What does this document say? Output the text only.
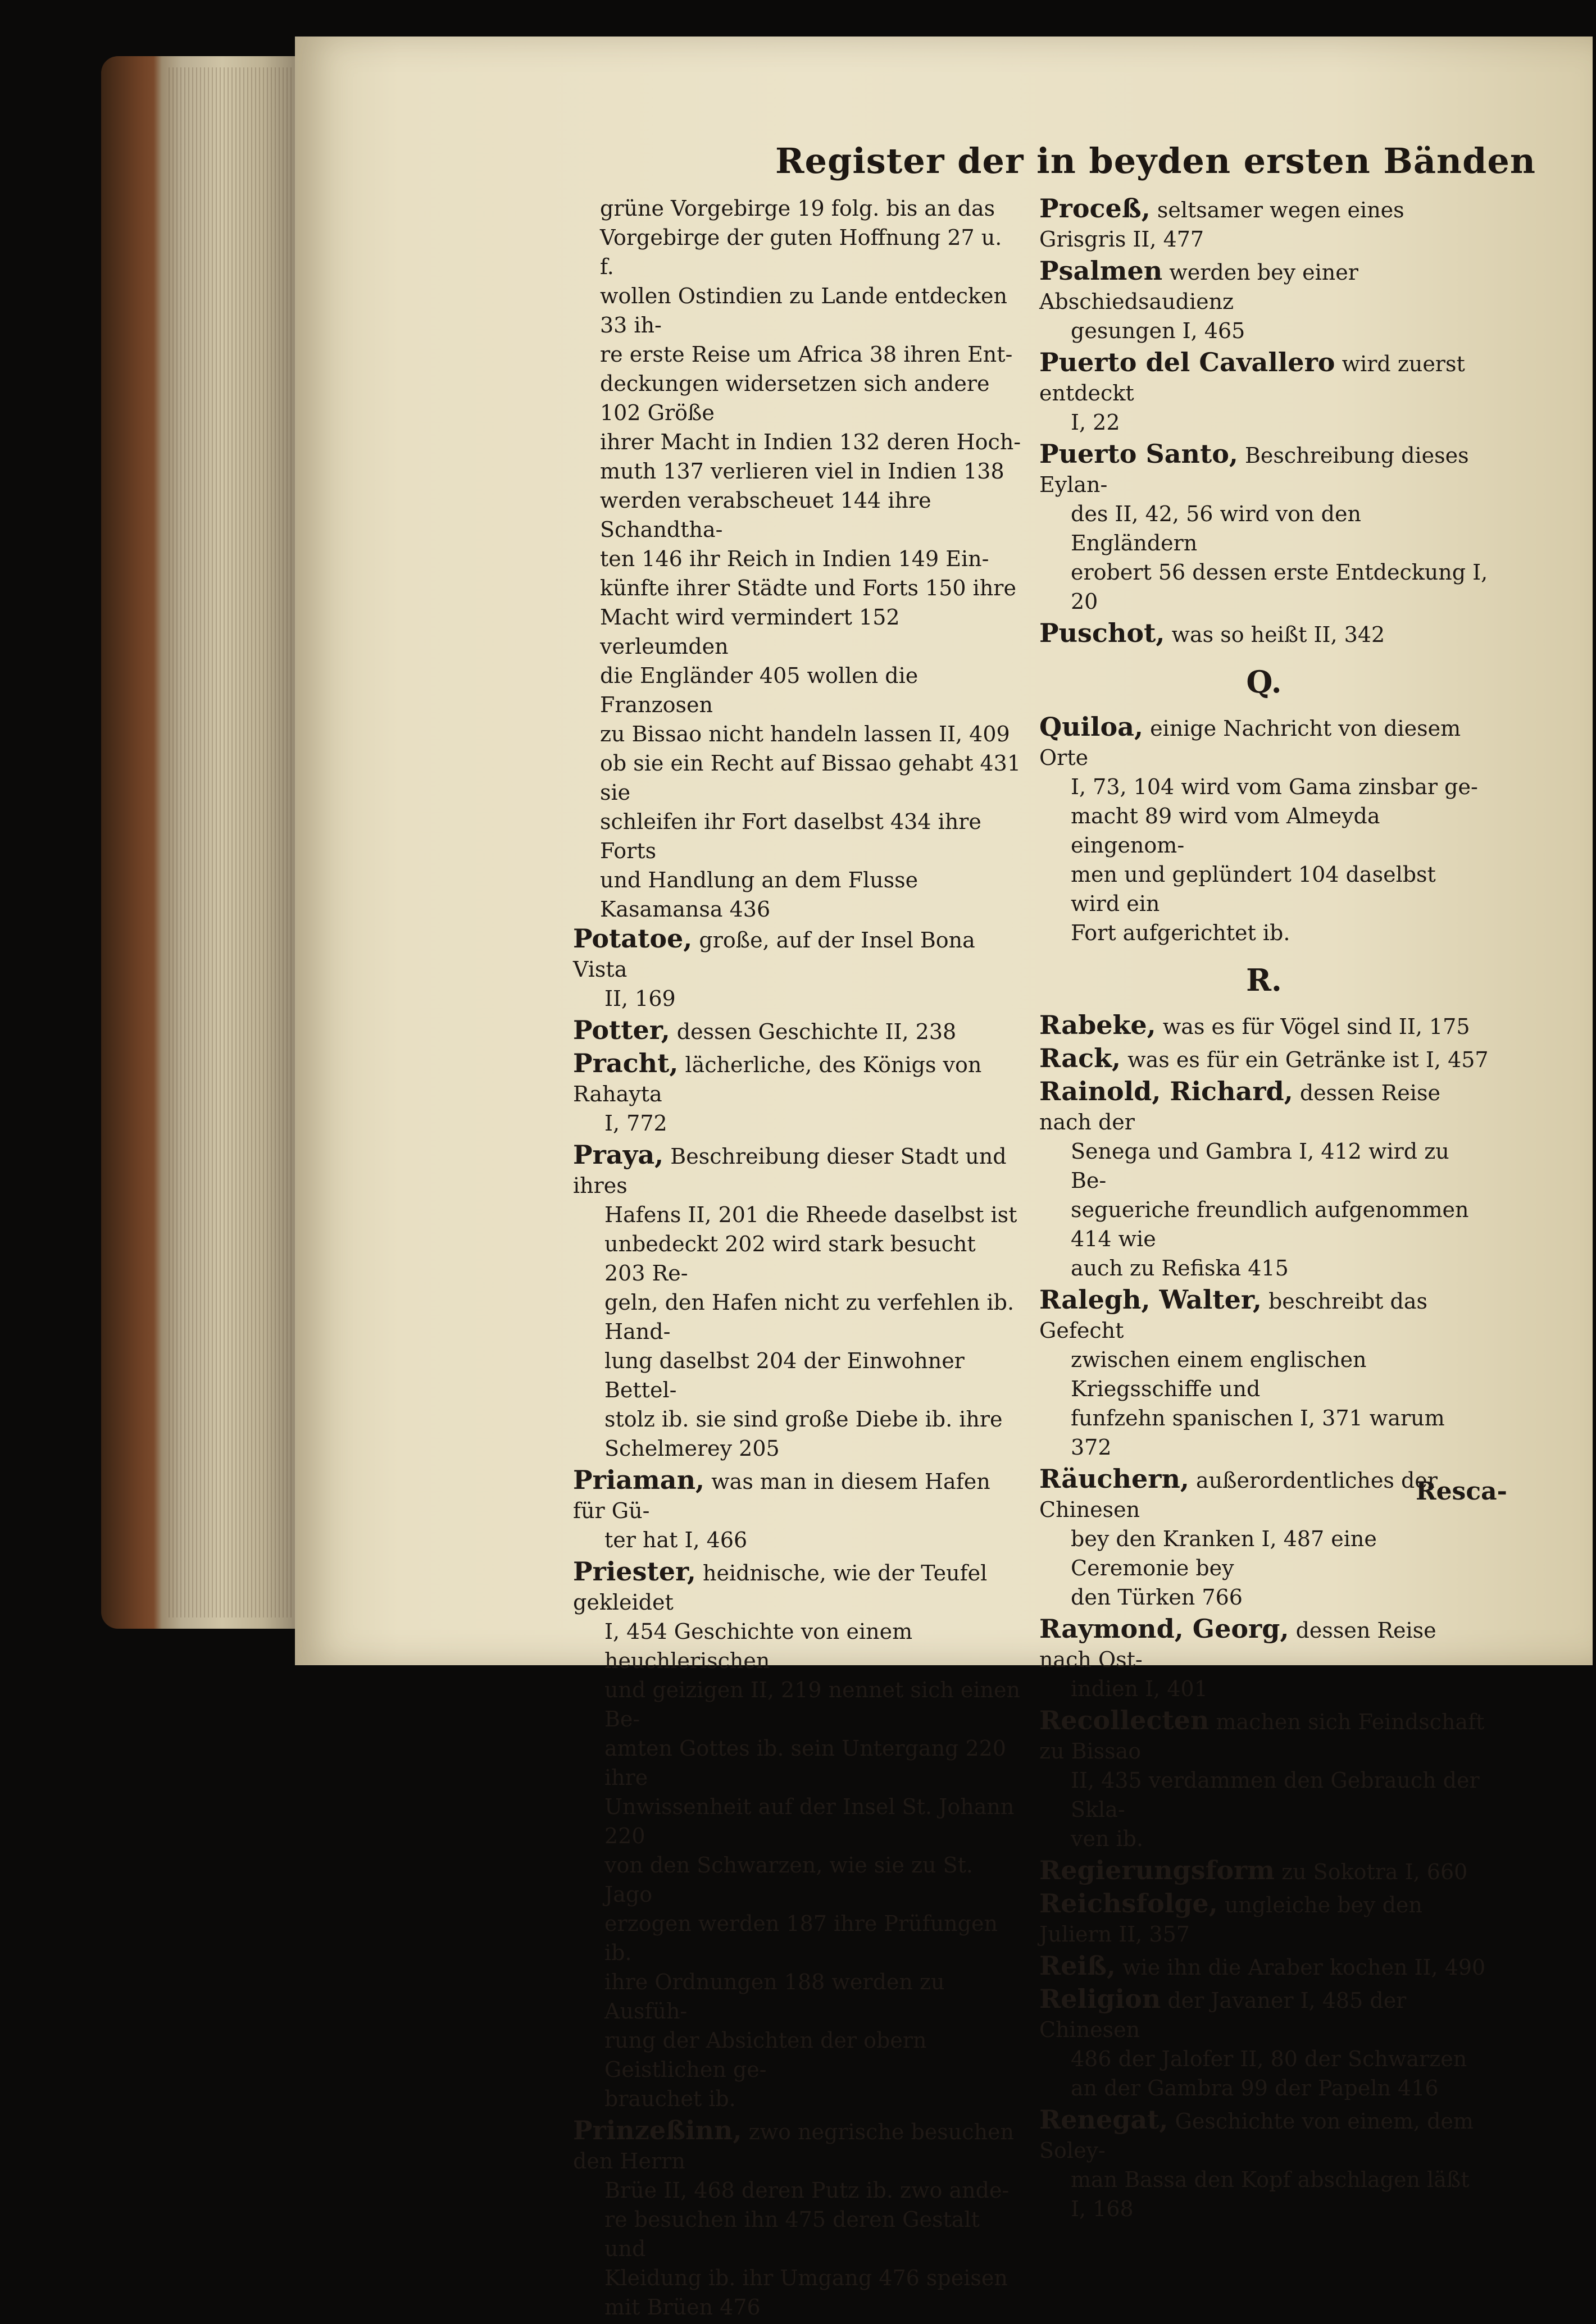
Register der in beyden ersten Bänden
grüne Vorgebirge 19 folg. bis an das
Vorgebirge der guten Hoffnung 27 u. f.
wollen Ostindien zu Lande entdecken 33 ih-
re erste Reise um Africa 38 ihren Ent-
deckungen widersetzen sich andere 102 Größe
ihrer Macht in Indien 132 deren Hoch-
muth 137 verlieren viel in Indien 138
werden verabscheuet 144 ihre Schandtha-
ten 146 ihr Reich in Indien 149 Ein-
künfte ihrer Städte und Forts 150 ihre
Macht wird vermindert 152 verleumden
die Engländer 405 wollen die Franzosen
zu Bissao nicht handeln lassen II, 409
ob sie ein Recht auf Bissao gehabt 431 sie
schleifen ihr Fort daselbst 434 ihre Forts
und Handlung an dem Flusse Kasamansa 436
Potatoe, große, auf der Insel Bona Vista
II, 169
Potter, dessen Geschichte II, 238
Pracht, lächerliche, des Königs von Rahayta
I, 772
Praya, Beschreibung dieser Stadt und ihres
Hafens II, 201 die Rheede daselbst ist
unbedeckt 202 wird stark besucht 203 Re-
geln, den Hafen nicht zu verfehlen ib. Hand-
lung daselbst 204 der Einwohner Bettel-
stolz ib. sie sind große Diebe ib. ihre
Schelmerey 205
Priaman, was man in diesem Hafen für Gü-
ter hat I, 466
Priester, heidnische, wie der Teufel gekleidet
I, 454 Geschichte von einem heuchlerischen
und geizigen II, 219 nennet sich einen Be-
amten Gottes ib. sein Untergang 220 ihre
Unwissenheit auf der Insel St. Johann 220
von den Schwarzen, wie sie zu St. Jago
erzogen werden 187 ihre Prüfungen ib.
ihre Ordnungen 188 werden zu Ausfüh-
rung der Absichten der obern Geistlichen ge-
brauchet ib.
Prinzeßinn, zwo negrische besuchen den Herrn
Brüe II, 468 deren Putz ib. zwo ande-
re besuchen ihn 475 deren Gestalt und
Kleidung ib. ihr Umgang 476 speisen
mit Brüen 476
Proceß, seltsamer wegen eines Grisgris II, 477
Psalmen werden bey einer Abschiedsaudienz
gesungen I, 465
Puerto del Cavallero wird zuerst entdeckt
I, 22
Puerto Santo, Beschreibung dieses Eylan-
des II, 42, 56 wird von den Engländern
erobert 56 dessen erste Entdeckung I, 20
Puschot, was so heißt II, 342
Q.
Quiloa, einige Nachricht von diesem Orte
I, 73, 104 wird vom Gama zinsbar ge-
macht 89 wird vom Almeyda eingenom-
men und geplündert 104 daselbst wird ein
Fort aufgerichtet ib.
R.
Rabeke, was es für Vögel sind II, 175
Rack, was es für ein Getränke ist I, 457
Rainold, Richard, dessen Reise nach der
Senega und Gambra I, 412 wird zu Be-
segueriche freundlich aufgenommen 414 wie
auch zu Refiska 415
Ralegh, Walter, beschreibt das Gefecht
zwischen einem englischen Kriegsschiffe und
funfzehn spanischen I, 371 warum 372
Räuchern, außerordentliches der Chinesen
bey den Kranken I, 487 eine Ceremonie bey
den Türken 766
Raymond, Georg, dessen Reise nach Ost-
indien I, 401
Recollecten machen sich Feindschaft zu Bissao
II, 435 verdammen den Gebrauch der Skla-
ven ib.
Regierungsform zu Sokotra I, 660
Reichsfolge, ungleiche bey den Juliern II, 357
Reiß, wie ihn die Araber kochen II, 490
Religion der Javaner I, 485 der Chinesen
486 der Jalofer II, 80 der Schwarzen
an der Gambra 99 der Papeln 416
Renegat, Geschichte von einem, dem Soley-
man Bassa den Kopf abschlagen läßt I, 168
Resca-
